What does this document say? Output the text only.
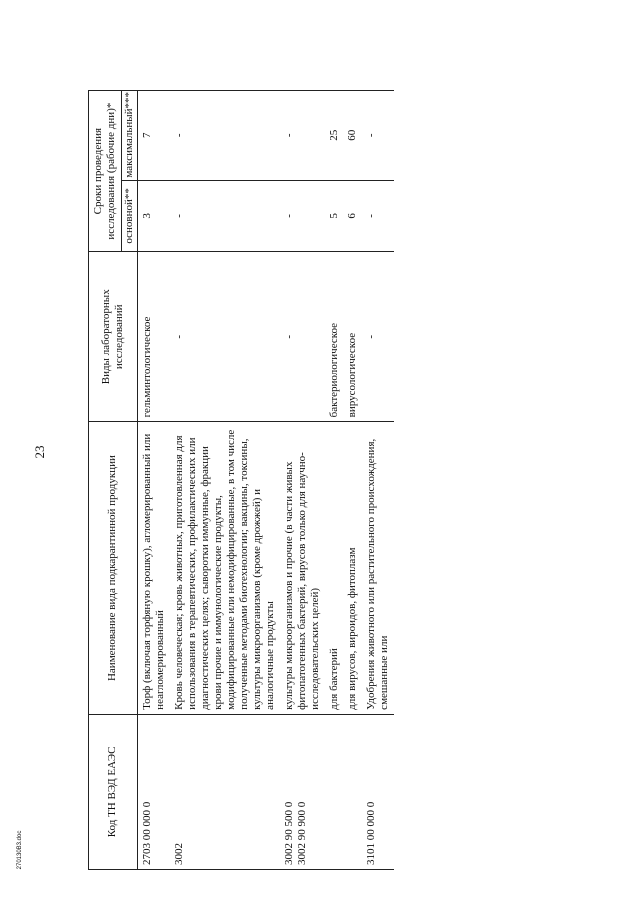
23
270130B3.doc
Код ТН ВЭД ЕАЭС	Наименование вида подкарантинной продукции	Виды лабораторных исследований	Сроки проведения исследования (рабочие дни)*	
			основной**	максимальный***
2703 00 000 0	Торф (включая торфяную крошку), агломерированный или неагломерированный	гельминтологическое	3	7
3002	Кровь человеческая; кровь животных, приготовленная для использования в терапевтических, профилактических или диагностических целях; сыворотки иммунные, фракции крови прочие и иммунологические продукты, модифицированные или немодифицированные, в том числе полученные методами биотехнологии; вакцины, токсины, культуры микроорганизмов (кроме дрожжей) и аналогичные продукты	-	-	-
3002 90 500 0
3002 90 900 0	культуры микроорганизмов и прочие (в части живых фитопатогенных бактерий, вирусов только для научно-исследовательских целей)	-	-	-
	для бактерий	бактериологическое	5	25
	для вирусов, вироидов, фитоплазм	вирусологическое	6	60
3101 00 000 0	Удобрения животного или растительного происхождения, смешанные или	-	-	-
